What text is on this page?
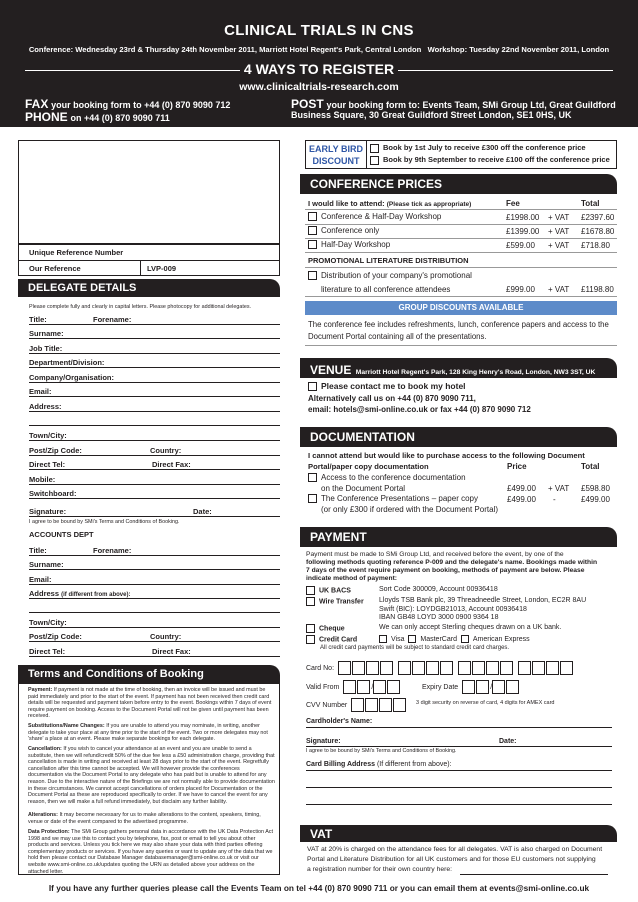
CLINICAL TRIALS IN CNS
Conference: Wednesday 23rd & Thursday 24th November 2011, Marriott Hotel Regent's Park, Central London Workshop: Tuesday 22nd November 2011, London
4 WAYS TO REGISTER
www.clinicaltrials-research.com
FAX your booking form to +44 (0) 870 9090 712
PHONE on +44 (0) 870 9090 711
POST your booking form to: Events Team, SMi Group Ltd, Great Guildford
Business Square, 30 Great Guildford Street London, SE1 0HS, UK
Unique Reference Number
Our Reference	LVP-009
DELEGATE DETAILS
Please complete fully and clearly in capital letters. Please photocopy for additional delegates.
Title:	Forename:
Surname:
Job Title:
Department/Division:
Company/Organisation:
Email:
Address:
Town/City:
Post/Zip Code:	Country:
Direct Tel:	Direct Fax:
Mobile:
Switchboard:
Signature:	Date:
I agree to be bound by SMi's Terms and Conditions of Booking.
ACCOUNTS DEPT
Title:	Forename:
Surname:
Email:
Address (if different from above):
Town/City:
Post/Zip Code:	Country:
Direct Tel:	Direct Fax:
Terms and Conditions of Booking
Payment: If payment is not made at the time of booking, then an invoice will be issued and must be paid immediately and prior to the start of the event. If payment has not been received then credit card details will be requested and payment taken before entry to the event. Bookings within 7 days of event require payment on booking. Access to the Document Portal will not be given until payment has been received.
Substitutions/Name Changes: If you are unable to attend you may nominate, in writing, another delegate to take your place at any time prior to the start of the event. Two or more delegates may not 'share' a place at an event. Please make separate bookings for each delegate.
Cancellation: If you wish to cancel your attendance at an event and you are unable to send a substitute, then we will refund/credit 50% of the due fee less a £50 administration charge, providing that cancellation is made in writing and received at least 28 days prior to the start of the event. Regretfully cancellation after this time cannot be accepted. We will however provide the conferences documentation via the Document Portal to any delegate who has paid but is unable to attend for any reason. Due to the interactive nature of the Briefings we are not normally able to provide documentation in these circumstances. We cannot accept cancellations of orders placed for Documentation or the Document Portal as these are reproduced specifically to order. If we have to cancel the event for any reason, then we will make a full refund immediately, but disclaim any further liability.
Alterations: It may become necessary for us to make alterations to the content, speakers, timing, venue or date of the event compared to the advertised programme.
Data Protection: The SMi Group gathers personal data in accordance with the UK Data Protection Act 1998 and we may use this to contact you by telephone, fax, post or email to tell you about other products and services. Unless you tick here we may also share your data with third parties offering complementary products or services. If you have any queries or want to update any of the data that we hold then please contact our Database Manager databasemanager@smi-online.co.uk or visit our website www.smi-online.co.uk/updates quoting the URN as detailed above your address on the attached letter.
EARLY BIRD
DISCOUNT
Book by 1st July to receive £300 off the conference price
Book by 9th September to receive £100 off the conference price
CONFERENCE PRICES
I would like to attend: (Please tick as appropriate)	Fee	Total
Conference & Half-Day Workshop	£1998.00 + VAT £2397.60
Conference only	£1399.00 + VAT £1678.80
Half-Day Workshop	£599.00 + VAT £718.80
PROMOTIONAL LITERATURE DISTRIBUTION
Distribution of your company's promotional
literature to all conference attendees	£999.00 + VAT £1198.80
GROUP DISCOUNTS AVAILABLE
The conference fee includes refreshments, lunch, conference papers and access to the Document Portal containing all of the presentations.
VENUE Marriott Hotel Regent's Park, 128 King Henry's Road, London, NW3 3ST, UK
Please contact me to book my hotel
Alternatively call us on +44 (0) 870 9090 711,
email: hotels@smi-online.co.uk or fax +44 (0) 870 9090 712
DOCUMENTATION
I cannot attend but would like to purchase access to the following Document
Portal/paper copy documentation	Price	Total
Access to the conference documentation
on the Document Portal	£499.00 + VAT £598.80
The Conference Presentations – paper copy	£499.00 -	£499.00
(or only £300 if ordered with the Document Portal)
PAYMENT
Payment must be made to SMi Group Ltd, and received before the event, by one of the
following methods quoting reference P-009 and the delegate's name. Bookings made within
7 days of the event require payment on booking, methods of payment are below. Please
indicate method of payment:
UK BACS	Sort Code 300009, Account 00936418
Wire Transfer Lloyds TSB Bank plc, 39 Threadneedle Street, London, EC2R 8AU
Swift (BIC): LOYDGB21013, Account 00936418
IBAN GB48 LOYD 3000 0900 9364 18
Cheque	We can only accept Sterling cheques drawn on a UK bank.
Credit Card	Visa MasterCard American Express
All credit card payments will be subject to standard credit card charges.
Card No:
Valid From	Expiry Date
CVV Number	3 digit security on reverse of card, 4 digits for AMEX card
Cardholder's Name:
Signature:	Date:
I agree to be bound by SMi's Terms and Conditions of Booking.
Card Billing Address (If different from above):
VAT
VAT at 20% is charged on the attendance fees for all delegates. VAT is also charged on Document
Portal and Literature Distribution for all UK customers and for those EU customers not supplying
a registration number for their own country here:
If you have any further queries please call the Events Team on tel +44 (0) 870 9090 711 or you can email them at events@smi-online.co.uk
